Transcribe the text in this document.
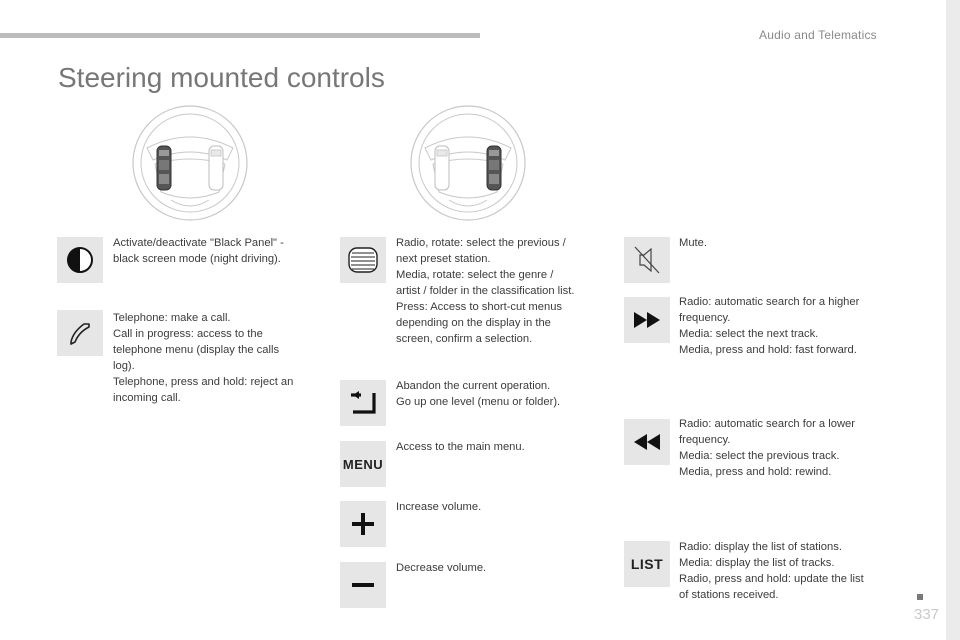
Audio and Telematics
337
Steering mounted controls
Activate/deactivate "Black Panel" -
black screen mode (night driving).
Telephone: make a call.
Call in progress: access to the
telephone menu (display the calls
log).
Telephone, press and hold: reject an
incoming call.
Radio, rotate: select the previous /
next preset station.
Media, rotate: select the genre /
artist / folder in the classification list.
Press: Access to short-cut menus
depending on the display in the
screen, confirm a selection.
Abandon the current operation.
Go up one level (menu or folder).
MENU
Access to the main menu.
Increase volume.
Decrease volume.
Mute.
Radio: automatic search for a higher
frequency.
Media: select the next track.
Media, press and hold: fast forward.
Radio: automatic search for a lower
frequency.
Media: select the previous track.
Media, press and hold: rewind.
LIST
Radio: display the list of stations.
Media: display the list of tracks.
Radio, press and hold: update the list
of stations received.
